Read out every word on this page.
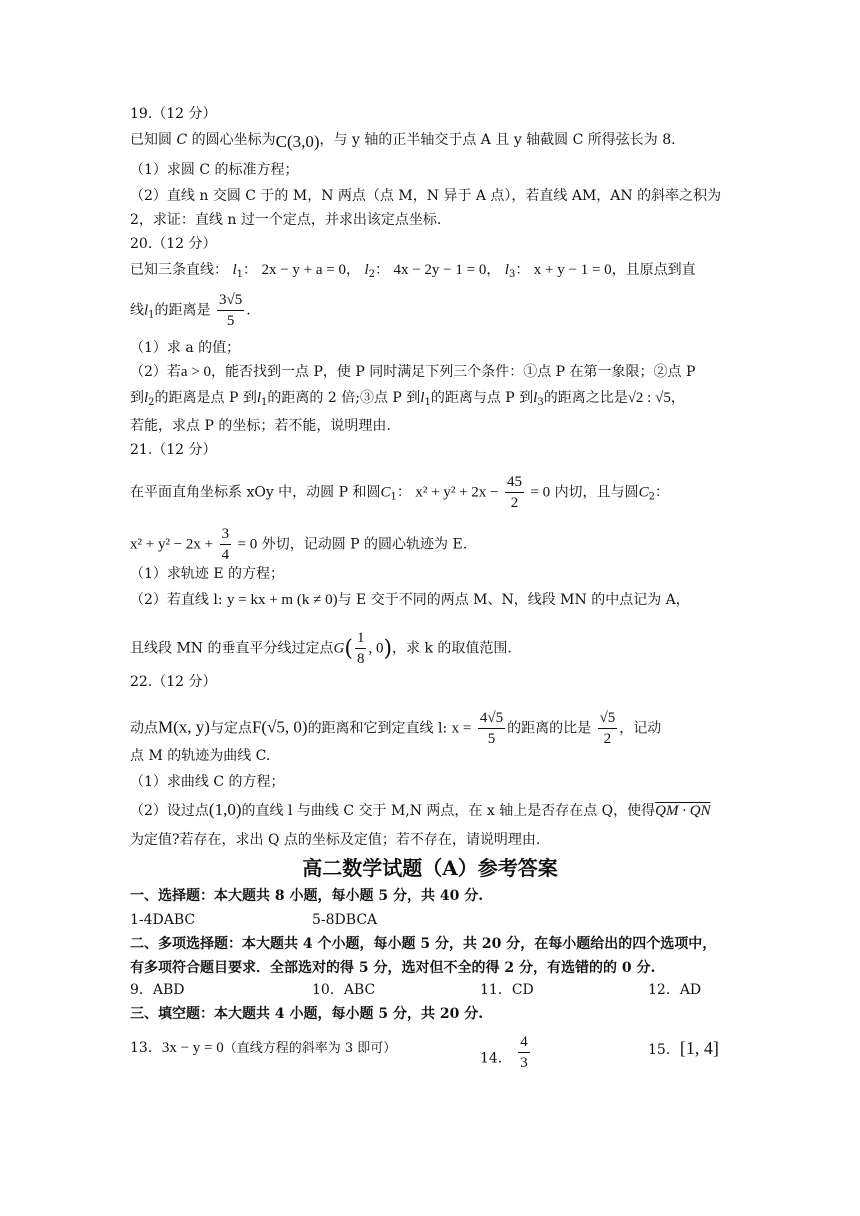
19.（12 分）
已知圆 C 的圆心坐标为C(3,0)，与 y 轴的正半轴交于点 A 且 y 轴截圆 C 所得弦长为 8.
（1）求圆 C 的标准方程；
（2）直线 n 交圆 C 于的 M，N 两点（点 M，N 异于 A 点），若直线 AM，AN 的斜率之积为
2，求证：直线 n 过一个定点，并求出该定点坐标.
20.（12 分）
已知三条直线： $l_1$： 2x − y + a = 0， $l_2$： 4x − 2y − 1 = 0， $l_3$： x + y − 1 = 0，且原点到直
线$l_1$的距离是 $\frac{3√5}{5}$ .
（1）求 a 的值；
（2）若a > 0，能否找到一点 P，使 P 同时满足下列三个条件：①点 P 在第一象限；②点 P
到$l_2$的距离是点 P 到$l_1$的距离的 2 倍;③点 P 到$l_1$的距离与点 P 到$l_3$的距离之比是√2 : √5，
若能，求点 P 的坐标；若不能，说明理由.
21.（12 分）
在平面直角坐标系 xOy 中，动圆 P 和圆$C_1$： $x^2 + y^2 + 2x - \frac{45}{2} = 0$ 内切，且与圆$C_2$：
$x^2 + y^2 - 2x + \frac{3}{4} = 0$ 外切，记动圆 P 的圆心轨迹为 E.
（1）求轨迹 E 的方程；
（2）若直线 l: y = kx + m (k ≠ 0)与 E 交于不同的两点 M、N，线段 MN 的中点记为 A，
且线段 MN 的垂直平分线过定点$G( \frac{1}{8}$ , 0)，求 k 的取值范围.
22.（12 分）
动点M(x, y)与定点F(√5, 0)的距离和它到定直线 l: $x = \frac{4√5}{5}$ 的距离的比是 $\frac{√5}{2}$ ，记动
点 M 的轨迹为曲线 C.
（1）求曲线 C 的方程；
（2）设过点(1,0)的直线 l 与曲线 C 交于 M,N 两点，在 x 轴上是否存在点 Q，使得QM · QN
为定值?若存在，求出 Q 点的坐标及定值；若不存在，请说明理由.
高二数学试题（A）参考答案
一、选择题：本大题共 8 小题，每小题 5 分，共 40 分.
1-4DABC	5-8DBCA
二、多项选择题：本大题共 4 个小题，每小题 5 分，共 20 分，在每小题给出的四个选项中，
有多项符合题目要求．全部选对的得 5 分，选对但不全的得 2 分，有选错的的 0 分.
9．ABD	10．ABC	11．CD	12．AD
三、填空题：本大题共 4 小题，每小题 5 分，共 20 分.
13．3x − y = 0（直线方程的斜率为 3 即可）
14． $\frac{4}{3}$	15．[1, 4]
